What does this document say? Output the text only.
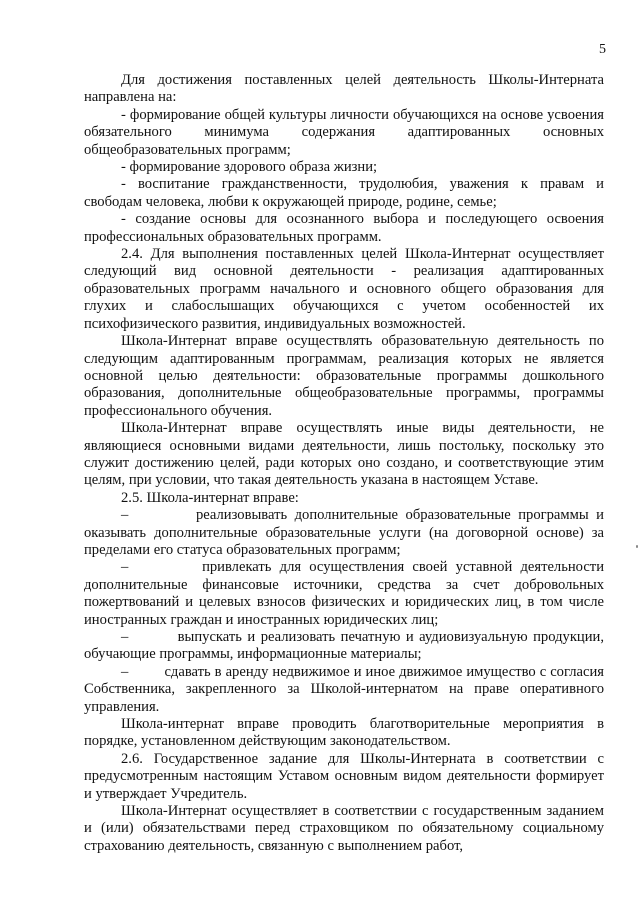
5

Для достижения поставленных целей деятельность Школы-Интерната направлена на:

- формирование общей культуры личности обучающихся на основе усвоения обязательного минимума содержания адаптированных основных общеобразовательных программ;

- формирование здорового образа жизни;

- воспитание гражданственности, трудолюбия, уважения к правам и свободам человека, любви к окружающей природе, родине, семье;

- создание основы для осознанного выбора и последующего освоения профессиональных образовательных программ.

2.4. Для выполнения поставленных целей Школа-Интернат осуществляет следующий вид основной деятельности - реализация адаптированных образовательных программ начального и основного общего образования для глухих и слабослышащих обучающихся с учетом особенностей их психофизического развития, индивидуальных возможностей.

Школа-Интернат вправе осуществлять образовательную деятельность по следующим адаптированным программам, реализация которых не является основной целью деятельности: образовательные программы дошкольного образования, дополнительные общеобразовательные программы, программы профессионального обучения.

Школа-Интернат вправе осуществлять иные виды деятельности, не являющиеся основными видами деятельности, лишь постольку, поскольку это служит достижению целей, ради которых оно создано, и соответствующие этим целям, при условии, что такая деятельность указана в настоящем Уставе.

2.5. Школа-интернат вправе:

–         реализовывать дополнительные образовательные программы и оказывать дополнительные образовательные услуги (на договорной основе) за пределами его статуса образовательных программ;

–         привлекать для осуществления своей уставной деятельности дополнительные финансовые источники, средства за счет добровольных пожертвований и целевых взносов физических и юридических лиц, в том числе иностранных граждан и иностранных юридических лиц;

–         выпускать и реализовать печатную и аудиовизуальную продукции, обучающие программы, информационные материалы;

–         сдавать в аренду недвижимое и иное движимое имущество с согласия Собственника, закрепленного за Школой-интернатом на праве оперативного управления.

Школа-интернат вправе проводить благотворительные мероприятия в порядке, установленном действующим законодательством.

2.6. Государственное задание для Школы-Интерната в соответствии с предусмотренным настоящим Уставом основным видом деятельности формирует и утверждает Учредитель.

Школа-Интернат осуществляет в соответствии с государственным заданием и (или) обязательствами перед страховщиком по обязательному социальному страхованию деятельность, связанную с выполнением работ,
